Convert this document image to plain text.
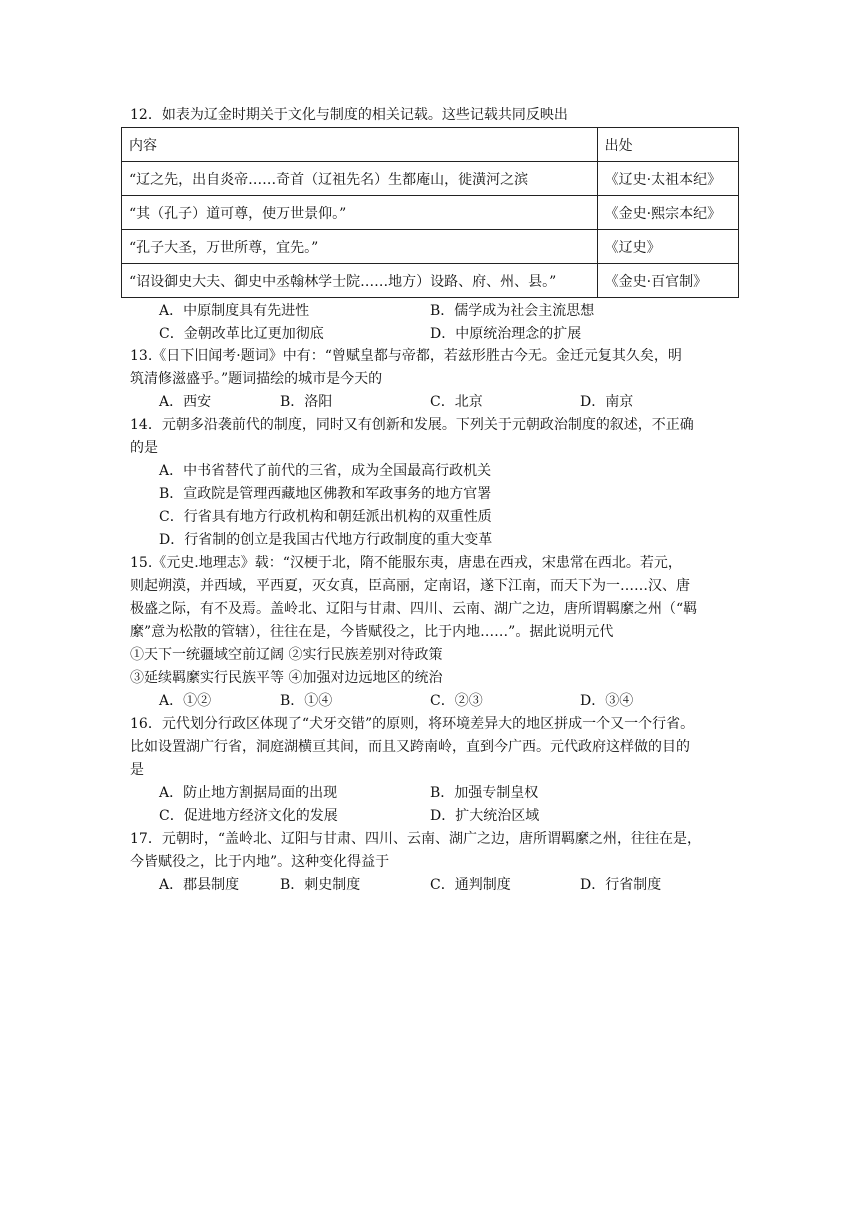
12．如表为辽金时期关于文化与制度的相关记载。这些记载共同反映出
内容	出处
“辽之先，出自炎帝……奇首（辽祖先名）生都庵山，徙潢河之滨	《辽史·太祖本纪》
“其（孔子）道可尊，使万世景仰。”	《金史·熙宗本纪》
“孔子大圣，万世所尊，宜先。”	《辽史》
“诏设御史大夫、御史中丞翰林学士院……地方）设路、府、州、县。”	《金史·百官制》
A．中原制度具有先进性	B．儒学成为社会主流思想
C．金朝改革比辽更加彻底	D．中原统治理念的扩展
13.《日下旧闻考·题词》中有：“曾赋皇都与帝都，若兹形胜古今无。金迁元复其久矣，明
筑清修滋盛乎。”题词描绘的城市是今天的
A．西安	B．洛阳	C．北京	D．南京
14．元朝多沿袭前代的制度，同时又有创新和发展。下列关于元朝政治制度的叙述，不正确
的是
A．中书省替代了前代的三省，成为全国最高行政机关
B．宣政院是管理西藏地区佛教和军政事务的地方官署
C．行省具有地方行政机构和朝廷派出机构的双重性质
D．行省制的创立是我国古代地方行政制度的重大变革
15.《元史.地理志》载：“汉梗于北，隋不能服东夷，唐患在西戎，宋患常在西北。若元，
则起朔漠，并西域，平西夏，灭女真，臣高丽，定南诏，遂下江南，而天下为一……汉、唐
极盛之际，有不及焉。盖岭北、辽阳与甘肃、四川、云南、湖广之边，唐所谓羁縻之州（“羁
縻”意为松散的管辖），往往在是，今皆赋役之，比于内地……”。据此说明元代
①天下一统疆域空前辽阔 ②实行民族差别对待政策
③延续羁縻实行民族平等 ④加强对边远地区的统治
A．①②	B．①④	C．②③	D．③④
16．元代划分行政区体现了“犬牙交错”的原则，将环境差异大的地区拼成一个又一个行省。
比如设置湖广行省，洞庭湖横亘其间，而且又跨南岭，直到今广西。元代政府这样做的目的
是
A．防止地方割据局面的出现	B．加强专制皇权
C．促进地方经济文化的发展	D．扩大统治区域
17．元朝时，“盖岭北、辽阳与甘肃、四川、云南、湖广之边，唐所谓羁縻之州，往往在是，
今皆赋役之，比于内地”。这种变化得益于
A．郡县制度	B．刺史制度	C．通判制度	D．行省制度
